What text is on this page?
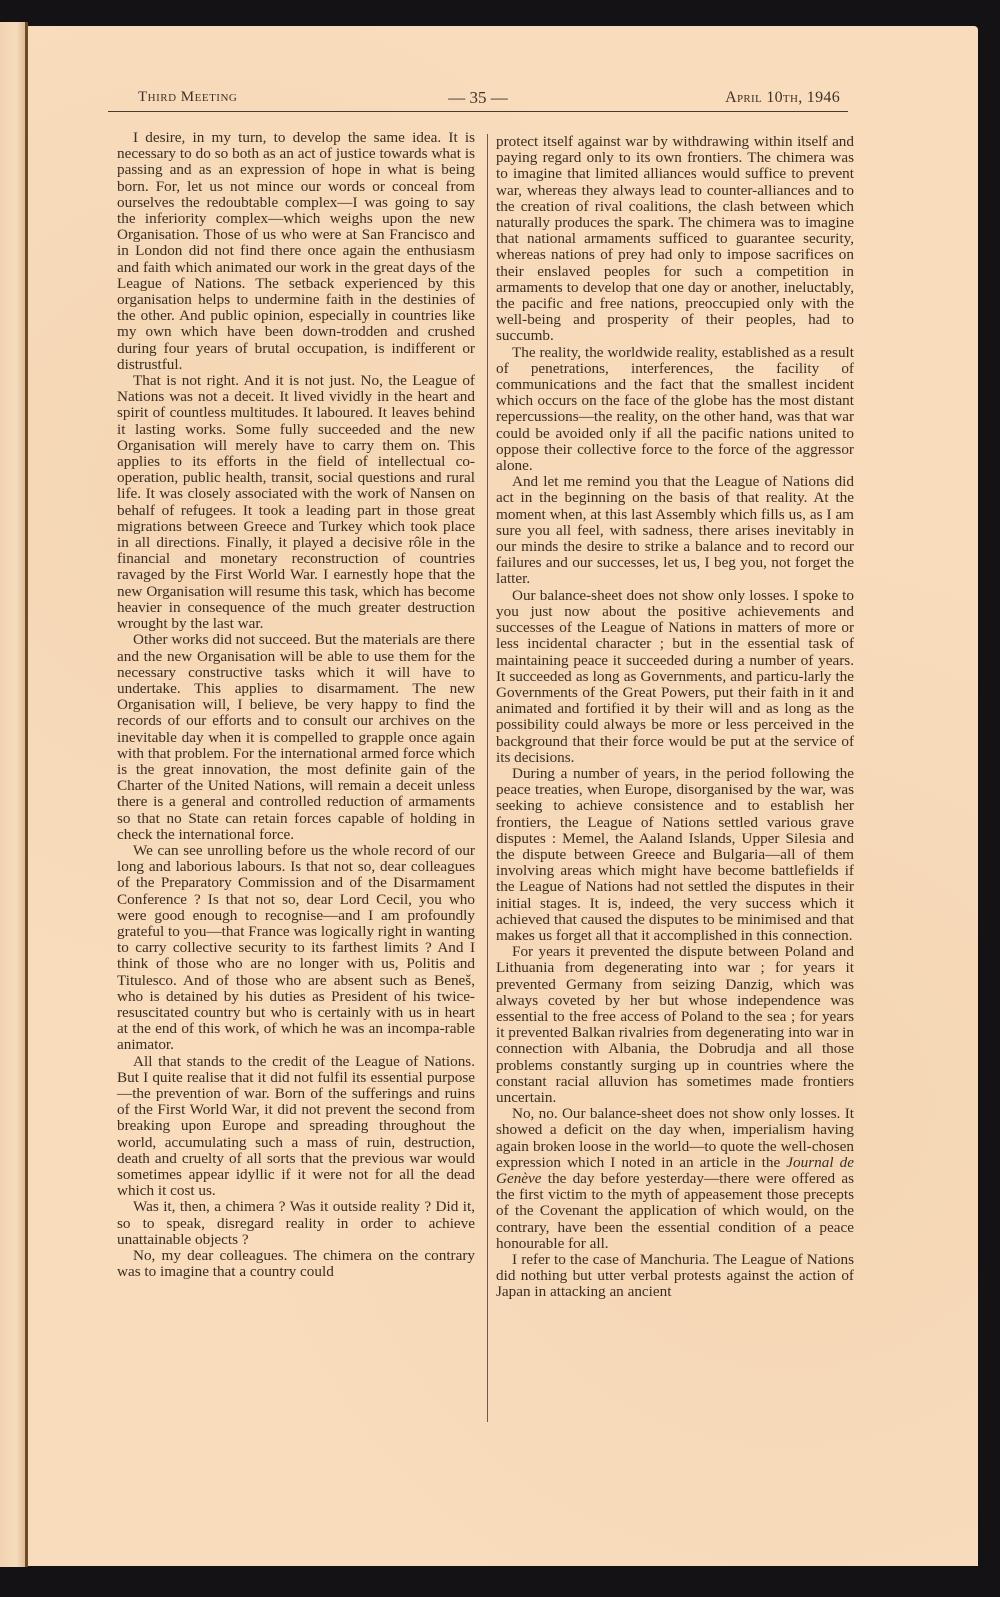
Third Meeting	— 35 —	April 10th, 1946

I desire, in my turn, to develop the same idea. It is necessary to do so both as an act of justice towards what is passing and as an expression of hope in what is being born. For, let us not mince our words or conceal from ourselves the redoubtable complex—I was going to say the inferiority complex—which weighs upon the new Organisation. Those of us who were at San Francisco and in London did not find there once again the enthusiasm and faith which animated our work in the great days of the League of Nations. The setback experienced by this organisation helps to undermine faith in the destinies of the other. And public opinion, especially in countries like my own which have been down-trodden and crushed during four years of brutal occupation, is indifferent or distrustful.

That is not right. And it is not just. No, the League of Nations was not a deceit. It lived vividly in the heart and spirit of countless multitudes. It laboured. It leaves behind it lasting works. Some fully succeeded and the new Organisation will merely have to carry them on. This applies to its efforts in the field of intellectual co-operation, public health, transit, social questions and rural life. It was closely associated with the work of Nansen on behalf of refugees. It took a leading part in those great migrations between Greece and Turkey which took place in all directions. Finally, it played a decisive rôle in the financial and monetary reconstruction of countries ravaged by the First World War. I earnestly hope that the new Organisation will resume this task, which has become heavier in consequence of the much greater destruction wrought by the last war.

Other works did not succeed. But the materials are there and the new Organisation will be able to use them for the necessary constructive tasks which it will have to undertake. This applies to disarmament. The new Organisation will, I believe, be very happy to find the records of our efforts and to consult our archives on the inevitable day when it is compelled to grapple once again with that problem. For the international armed force which is the great innovation, the most definite gain of the Charter of the United Nations, will remain a deceit unless there is a general and controlled reduction of armaments so that no State can retain forces capable of holding in check the international force.

We can see unrolling before us the whole record of our long and laborious labours. Is that not so, dear colleagues of the Preparatory Commission and of the Disarmament Conference ? Is that not so, dear Lord Cecil, you who were good enough to recognise—and I am profoundly grateful to you—that France was logically right in wanting to carry collective security to its farthest limits ? And I think of those who are no longer with us, Politis and Titulesco. And of those who are absent such as Beneš, who is detained by his duties as President of his twice-resuscitated country but who is certainly with us in heart at the end of this work, of which he was an incompa-rable animator.

All that stands to the credit of the League of Nations. But I quite realise that it did not fulfil its essential purpose—the prevention of war. Born of the sufferings and ruins of the First World War, it did not prevent the second from breaking upon Europe and spreading throughout the world, accumulating such a mass of ruin, destruction, death and cruelty of all sorts that the previous war would sometimes appear idyllic if it were not for all the dead which it cost us.

Was it, then, a chimera ? Was it outside reality ? Did it, so to speak, disregard reality in order to achieve unattainable objects ?

No, my dear colleagues. The chimera on the contrary was to imagine that a country could

protect itself against war by withdrawing within itself and paying regard only to its own frontiers. The chimera was to imagine that limited alliances would suffice to prevent war, whereas they always lead to counter-alliances and to the creation of rival coalitions, the clash between which naturally produces the spark. The chimera was to imagine that national armaments sufficed to guarantee security, whereas nations of prey had only to impose sacrifices on their enslaved peoples for such a competition in armaments to develop that one day or another, ineluctably, the pacific and free nations, preoccupied only with the well-being and prosperity of their peoples, had to succumb.

The reality, the worldwide reality, established as a result of penetrations, interferences, the facility of communications and the fact that the smallest incident which occurs on the face of the globe has the most distant repercussions—the reality, on the other hand, was that war could be avoided only if all the pacific nations united to oppose their collective force to the force of the aggressor alone.

And let me remind you that the League of Nations did act in the beginning on the basis of that reality. At the moment when, at this last Assembly which fills us, as I am sure you all feel, with sadness, there arises inevitably in our minds the desire to strike a balance and to record our failures and our successes, let us, I beg you, not forget the latter.

Our balance-sheet does not show only losses. I spoke to you just now about the positive achievements and successes of the League of Nations in matters of more or less incidental character ; but in the essential task of maintaining peace it succeeded during a number of years. It succeeded as long as Governments, and particu-larly the Governments of the Great Powers, put their faith in it and animated and fortified it by their will and as long as the possibility could always be more or less perceived in the background that their force would be put at the service of its decisions.

During a number of years, in the period following the peace treaties, when Europe, disorganised by the war, was seeking to achieve consistence and to establish her frontiers, the League of Nations settled various grave disputes : Memel, the Aaland Islands, Upper Silesia and the dispute between Greece and Bulgaria—all of them involving areas which might have become battlefields if the League of Nations had not settled the disputes in their initial stages. It is, indeed, the very success which it achieved that caused the disputes to be minimised and that makes us forget all that it accomplished in this connection.

For years it prevented the dispute between Poland and Lithuania from degenerating into war ; for years it prevented Germany from seizing Danzig, which was always coveted by her but whose independence was essential to the free access of Poland to the sea ; for years it prevented Balkan rivalries from degenerating into war in connection with Albania, the Dobrudja and all those problems constantly surging up in countries where the constant racial alluvion has sometimes made frontiers uncertain.

No, no. Our balance-sheet does not show only losses. It showed a deficit on the day when, imperialism having again broken loose in the world—to quote the well-chosen expression which I noted in an article in the Journal de Genève the day before yesterday—there were offered as the first victim to the myth of appeasement those precepts of the Covenant the application of which would, on the contrary, have been the essential condition of a peace honourable for all.

I refer to the case of Manchuria. The League of Nations did nothing but utter verbal protests against the action of Japan in attacking an ancient
